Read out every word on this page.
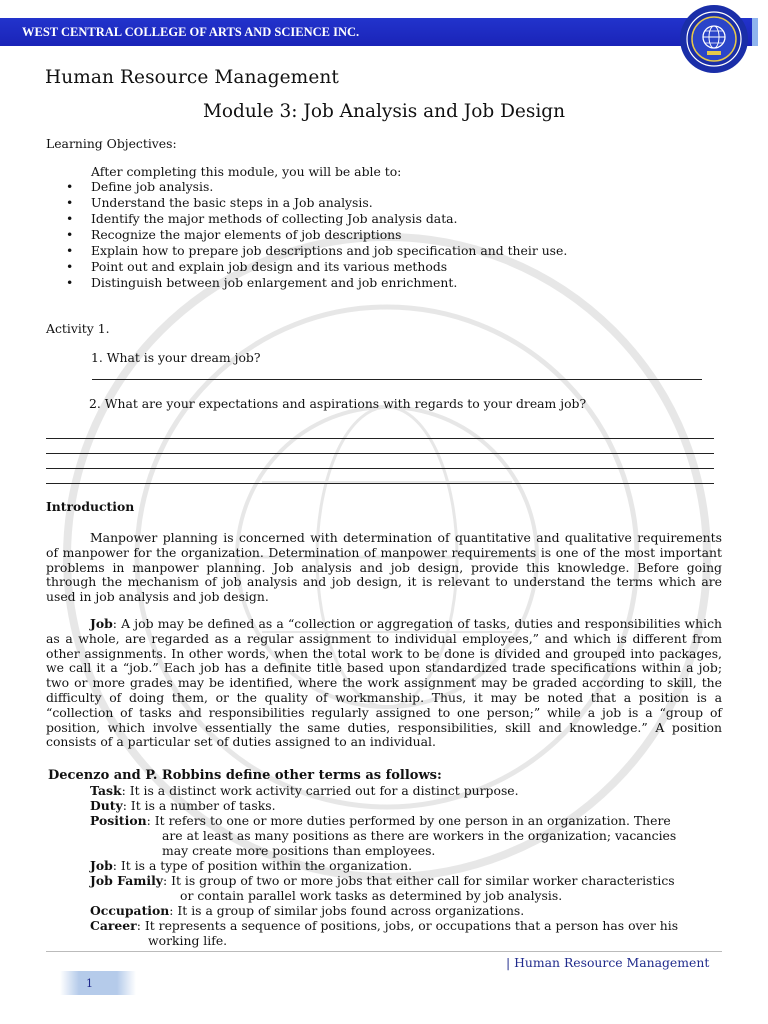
WEST CENTRAL COLLEGE OF ARTS AND SCIENCE INC.
Human Resource Management
Module 3: Job Analysis and Job Design
Learning Objectives:
After completing this module, you will be able to:
• Define job analysis.
• Understand the basic steps in a Job analysis.
• Identify the major methods of collecting Job analysis data.
• Recognize the major elements of job descriptions
• Explain how to prepare job descriptions and job specification and their use.
• Point out and explain job design and its various methods
• Distinguish between job enlargement and job enrichment.
Activity 1.
1. What is your dream job?
2. What are your expectations and aspirations with regards to your dream job?
Introduction

Manpower planning is concerned with determination of quantitative and qualitative requirements of manpower for the organization. Determination of manpower requirements is one of the most important problems in manpower planning. Job analysis and job design, provide this knowledge. Before going through the mechanism of job analysis and job design, it is relevant to understand the terms which are used in job analysis and job design.

Job: A job may be defined as a “collection or aggregation of tasks, duties and responsibilities which as a whole, are regarded as a regular assignment to individual employees,” and which is different from other assignments. In other words, when the total work to be done is divided and grouped into packages, we call it a “job.” Each job has a definite title based upon standardized trade specifications within a job; two or more grades may be identified, where the work assignment may be graded according to skill, the difficulty of doing them, or the quality of workmanship. Thus, it may be noted that a position is a “collection of tasks and responsibilities regularly assigned to one person;” while a job is a “group of position, which involve essentially the same duties, responsibilities, skill and knowledge.” A position consists of a particular set of duties assigned to an individual.

Decenzo and P. Robbins define other terms as follows:
Task: It is a distinct work activity carried out for a distinct purpose.
Duty: It is a number of tasks.
Position: It refers to one or more duties performed by one person in an organization. There
are at least as many positions as there are workers in the organization; vacancies
may create more positions than employees.
Job: It is a type of position within the organization.
Job Family: It is group of two or more jobs that either call for similar worker characteristics
or contain parallel work tasks as determined by job analysis.
Occupation: It is a group of similar jobs found across organizations.
Career: It represents a sequence of positions, jobs, or occupations that a person has over his
working life.
| Human Resource Management
1
